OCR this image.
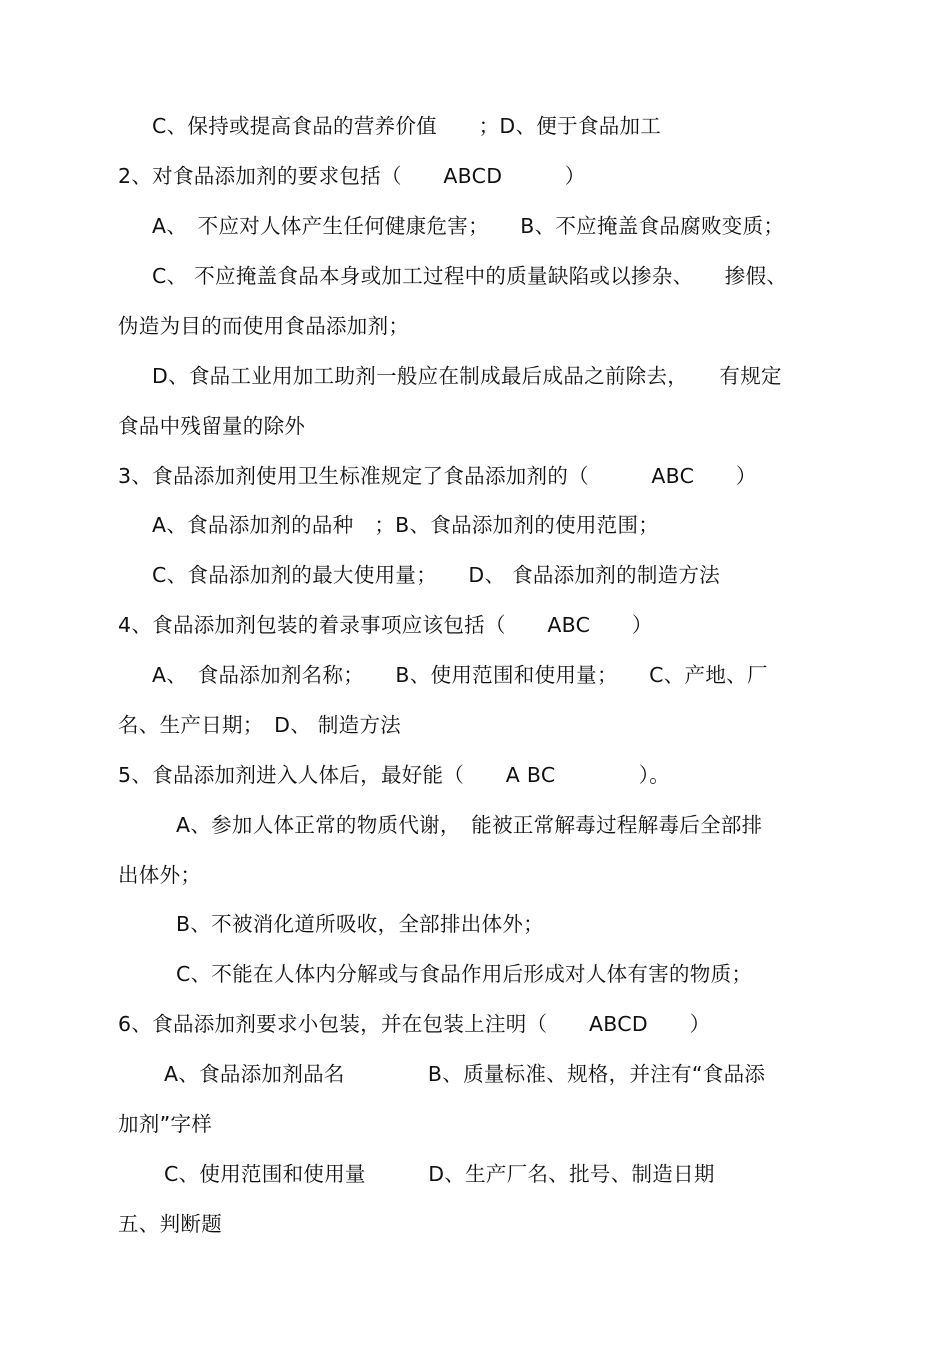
C、保持或提高食品的营养价值　　；D、便于食品加工
2、对食品添加剂的要求包括（　　ABCD　　　）
A、　不应对人体产生任何健康危害；　　B、不应掩盖食品腐败变质；
C、 不应掩盖食品本身或加工过程中的质量缺陷或以掺杂、　　掺假、
伪造为目的而使用食品添加剂；
D、食品工业用加工助剂一般应在制成最后成品之前除去，　　有规定
食品中残留量的除外
3、食品添加剂使用卫生标准规定了食品添加剂的（　　　ABC　　）
A、食品添加剂的品种　；B、食品添加剂的使用范围；
C、食品添加剂的最大使用量；　　D、 食品添加剂的制造方法
4、食品添加剂包装的着录事项应该包括（　　ABC　　）
A、　食品添加剂名称；　　B、使用范围和使用量；　　C、产地、厂
名、生产日期；　D、 制造方法
5、食品添加剂进入人体后，最好能（　　A BC　　　　）。
A、参加人体正常的物质代谢，　能被正常解毒过程解毒后全部排
出体外；
B、不被消化道所吸收，全部排出体外；
C、不能在人体内分解或与食品作用后形成对人体有害的物质；
6、食品添加剂要求小包装，并在包装上注明（　　ABCD　　）
A、食品添加剂品名　　　　B、质量标准、规格，并注有“食品添
加剂”字样
C、使用范围和使用量　　　D、生产厂名、批号、制造日期
五、判断题
